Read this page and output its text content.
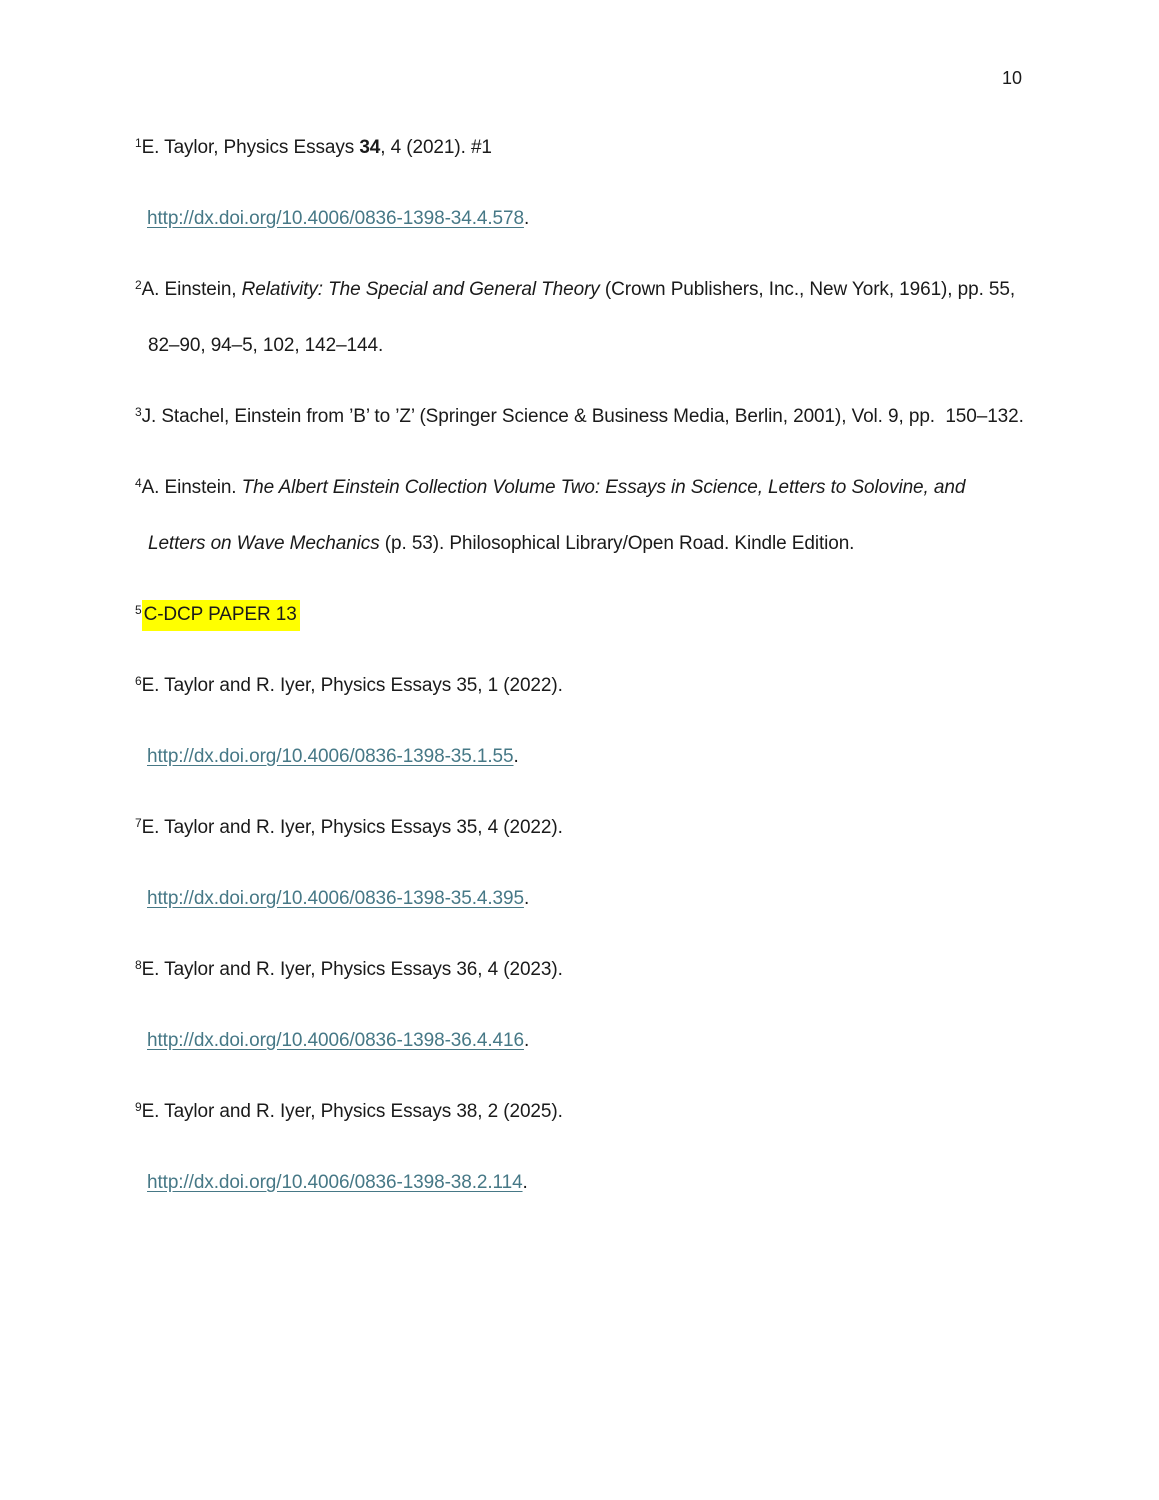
10

$^1$E. Taylor, Physics Essays 34, 4 (2021). #1

http://dx.doi.org/10.4006/0836-1398-34.4.578.

$^2$A. Einstein, Relativity: The Special and General Theory (Crown Publishers, Inc., New York, 1961), pp. 55, 82–90, 94–5, 102, 142–144.

$^3$J. Stachel, Einstein from ’B’ to ’Z’ (Springer Science & Business Media, Berlin, 2001), Vol. 9, pp.  150–132.

$^4$A. Einstein. The Albert Einstein Collection Volume Two: Essays in Science, Letters to Solovine, and Letters on Wave Mechanics (p. 53). Philosophical Library/Open Road. Kindle Edition.

$^5$ C-DCP PAPER 13

$^6$E. Taylor and R. Iyer, Physics Essays 35, 1 (2022).

http://dx.doi.org/10.4006/0836-1398-35.1.55.

$^7$E. Taylor and R. Iyer, Physics Essays 35, 4 (2022).

http://dx.doi.org/10.4006/0836-1398-35.4.395.

$^8$E. Taylor and R. Iyer, Physics Essays 36, 4 (2023).

http://dx.doi.org/10.4006/0836-1398-36.4.416.

$^9$E. Taylor and R. Iyer, Physics Essays 38, 2 (2025).

http://dx.doi.org/10.4006/0836-1398-38.2.114.
